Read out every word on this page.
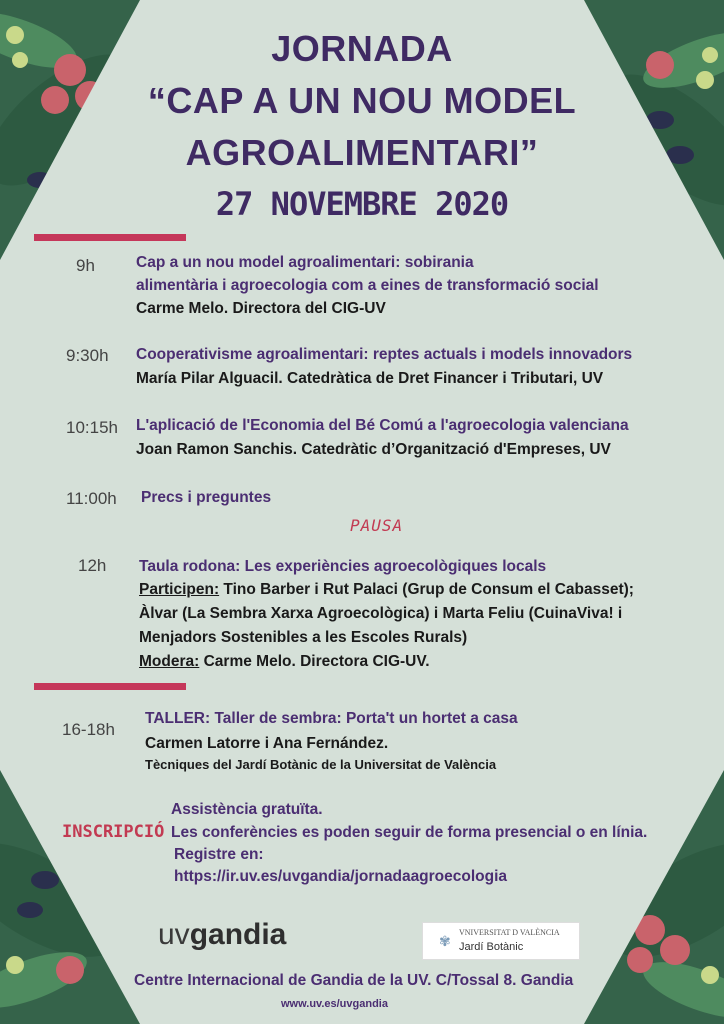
JORNADA
“CAP A UN NOU MODEL
AGROALIMENTARI”
27 NOVEMBRE 2020
9h	Cap a un nou model agroalimentari: sobirania
alimentària i agroecologia com a eines de transformació social
Carme Melo. Directora del CIG-UV
9:30h Cooperativisme agroalimentari: reptes actuals i models innovadors
María Pilar Alguacil. Catedràtica de Dret Financer i Tributari, UV
10:15h L'aplicació de l'Economia del Bé Comú a l'agroecologia valenciana
Joan Ramon Sanchis. Catedràtic d’Organització d'Empreses, UV
11:00h Precs i preguntes
PAUSA
12h Taula rodona: Les experiències agroecològiques locals
Participen: Tino Barber i Rut Palaci (Grup de Consum el Cabasset);
Àlvar (La Sembra Xarxa Agroecològica) i Marta Feliu (CuinaViva! i
Menjadors Sostenibles a les Escoles Rurals)
Modera: Carme Melo. Directora CIG-UV.
16-18h
TALLER: Taller de sembra: Porta't un hortet a casa
Carmen Latorre i Ana Fernández.
Tècniques del Jardí Botànic de la Universitat de València
INSCRIPCIÓ
Assistència gratuïta.
Les conferències es poden seguir de forma presencial o en línia.
Registre en:
https://ir.uv.es/uvgandia/jornadaagroecologia
uvgandia	✾
VNIVERSITAT D VALÈNCIA
Jardí Botànic
Centre Internacional de Gandia de la UV. C/Tossal 8. Gandia
www.uv.es/uvgandia
